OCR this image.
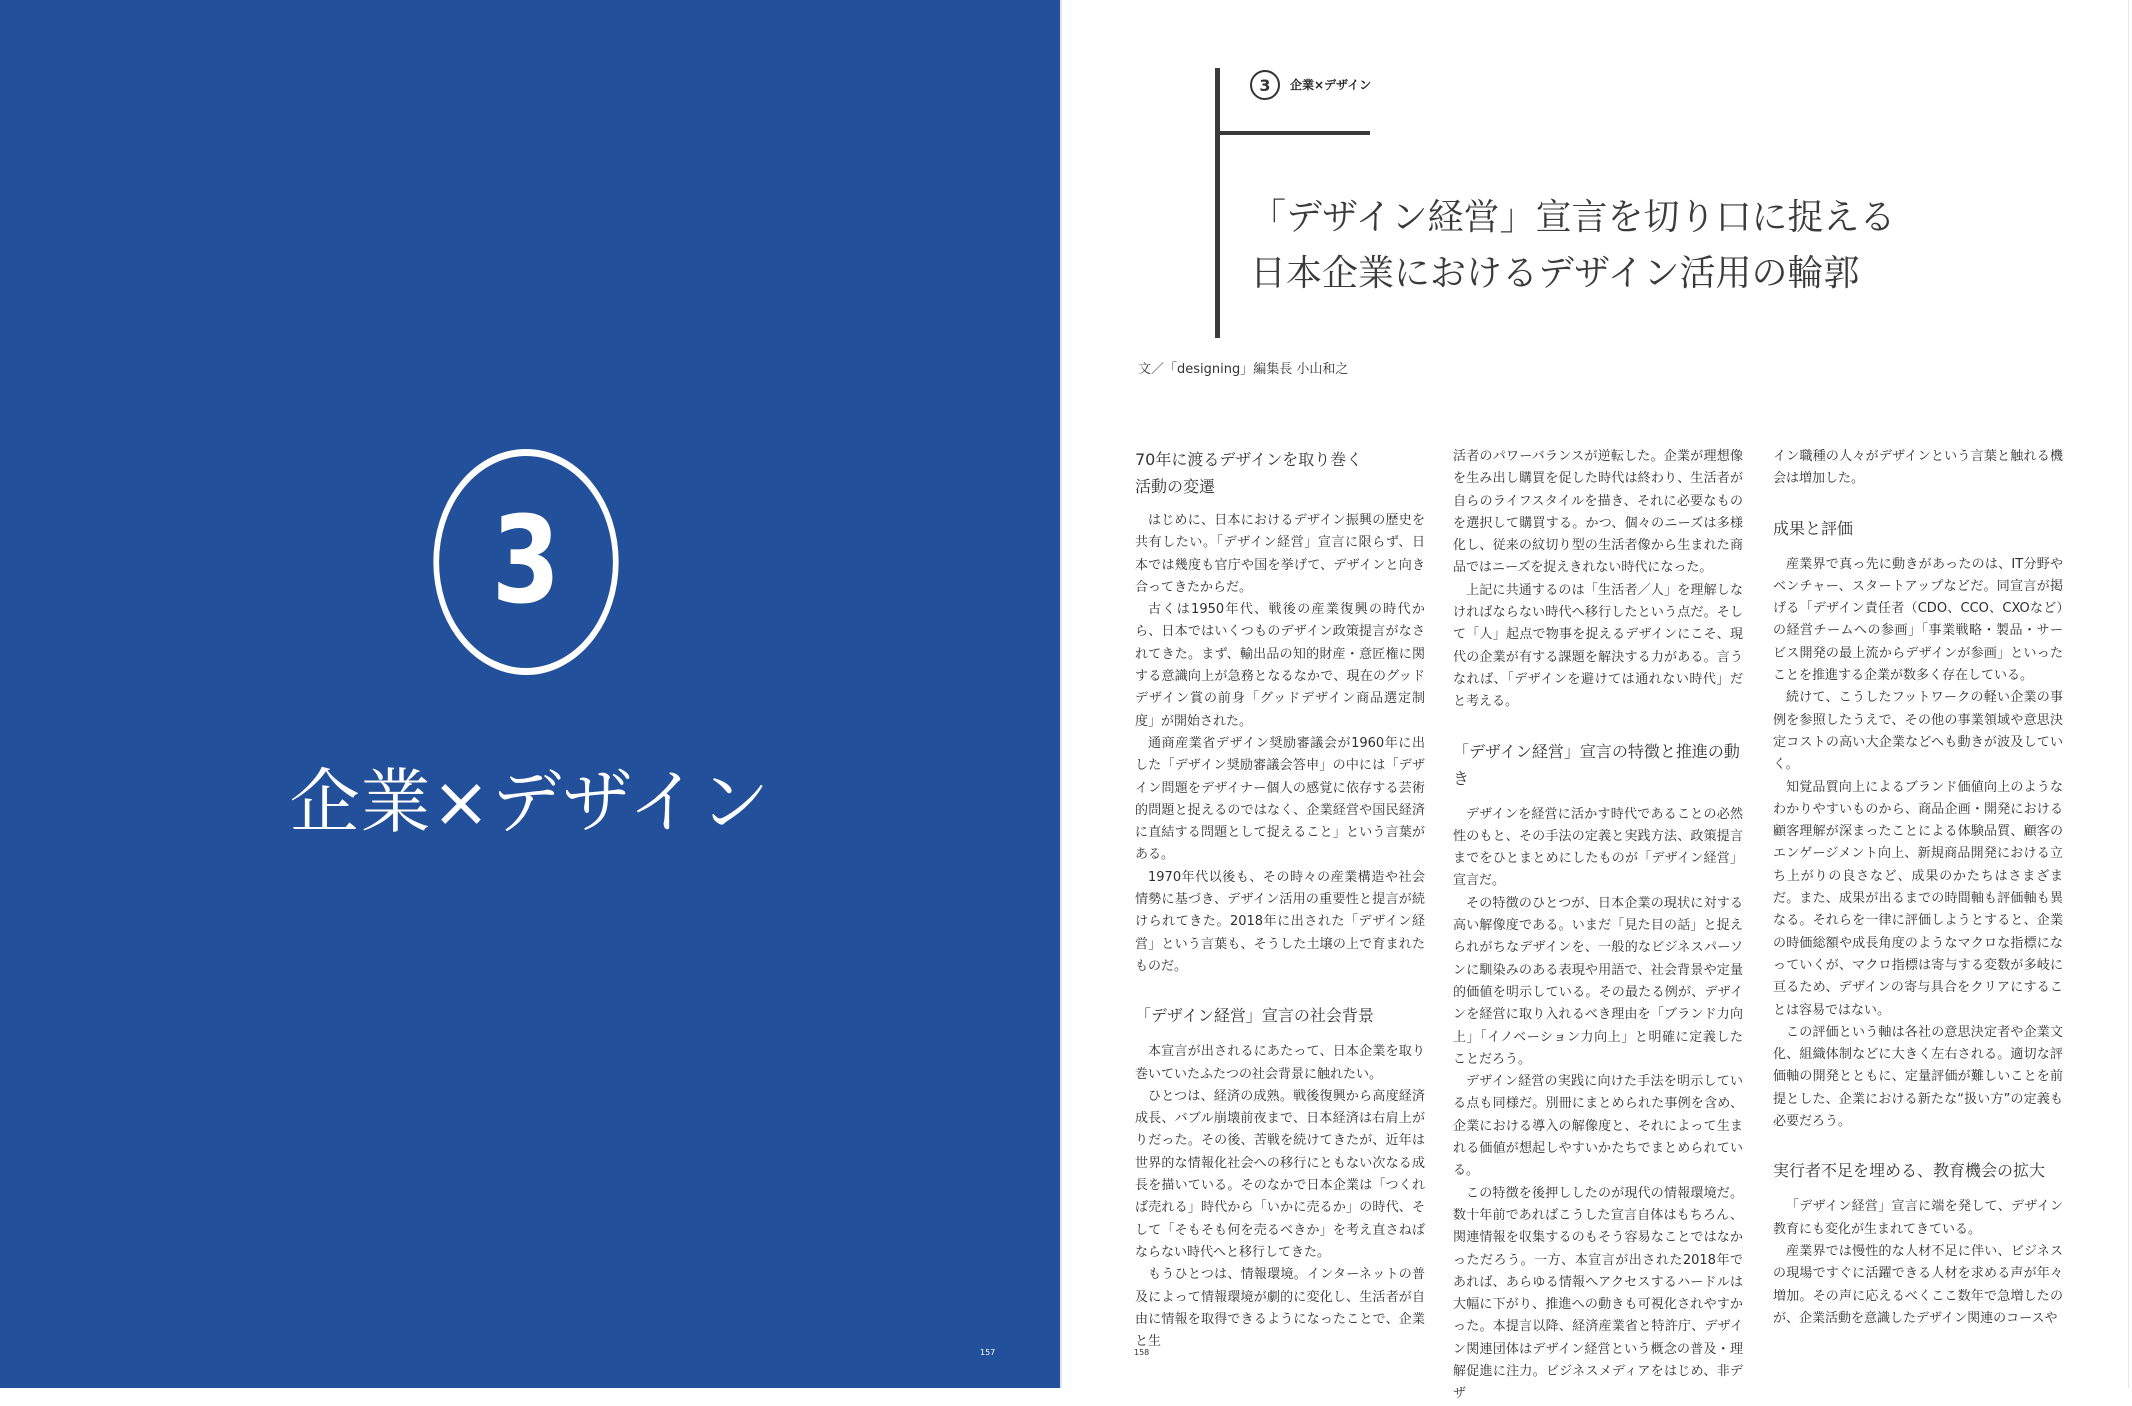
3
企業×デザイン
157
3 企業×デザイン
「デザイン経営」宣言を切り口に捉える
日本企業におけるデザイン活用の輪郭
文／「designing」編集長 小山和之
70年に渡るデザインを取り巻く
活動の変遷

はじめに、日本におけるデザイン振興の歴史を共有したい。「デザイン経営」宣言に限らず、日本では幾度も官庁や国を挙げて、デザインと向き合ってきたからだ。

古くは1950年代、戦後の産業復興の時代から、日本ではいくつものデザイン政策提言がなされてきた。まず、輸出品の知的財産・意匠権に関する意識向上が急務となるなかで、現在のグッドデザイン賞の前身「グッドデザイン商品選定制度」が開始された。

通商産業省デザイン奨励審議会が1960年に出した「デザイン奨励審議会答申」の中には「デザイン問題をデザイナー個人の感覚に依存する芸術的問題と捉えるのではなく、企業経営や国民経済に直結する問題として捉えること」という言葉がある。

1970年代以後も、その時々の産業構造や社会情勢に基づき、デザイン活用の重要性と提言が続けられてきた。2018年に出された「デザイン経営」という言葉も、そうした土壌の上で育まれたものだ。

「デザイン経営」宣言の社会背景

本宣言が出されるにあたって、日本企業を取り巻いていたふたつの社会背景に触れたい。

ひとつは、経済の成熟。戦後復興から高度経済成長、バブル崩壊前夜まで、日本経済は右肩上がりだった。その後、苦戦を続けてきたが、近年は世界的な情報化社会への移行にともない次なる成長を描いている。そのなかで日本企業は「つくれば売れる」時代から「いかに売るか」の時代、そして「そもそも何を売るべきか」を考え直さねばならない時代へと移行してきた。

もうひとつは、情報環境。インターネットの普及によって情報環境が劇的に変化し、生活者が自由に情報を取得できるようになったことで、企業と生

活者のパワーバランスが逆転した。企業が理想像を生み出し購買を促した時代は終わり、生活者が自らのライフスタイルを描き、それに必要なものを選択して購買する。かつ、個々のニーズは多様化し、従来の紋切り型の生活者像から生まれた商品ではニーズを捉えきれない時代になった。

上記に共通するのは「生活者／人」を理解しなければならない時代へ移行したという点だ。そして「人」起点で物事を捉えるデザインにこそ、現代の企業が有する課題を解決する力がある。言うなれば、「デザインを避けては通れない時代」だと考える。

「デザイン経営」宣言の特徴と推進の動き

デザインを経営に活かす時代であることの必然性のもと、その手法の定義と実践方法、政策提言までをひとまとめにしたものが「デザイン経営」宣言だ。

その特徴のひとつが、日本企業の現状に対する高い解像度である。いまだ「見た目の話」と捉えられがちなデザインを、一般的なビジネスパーソンに馴染みのある表現や用語で、社会背景や定量的価値を明示している。その最たる例が、デザインを経営に取り入れるべき理由を「ブランド力向上」「イノベーション力向上」と明確に定義したことだろう。

デザイン経営の実践に向けた手法を明示している点も同様だ。別冊にまとめられた事例を含め、企業における導入の解像度と、それによって生まれる価値が想起しやすいかたちでまとめられている。

この特徴を後押ししたのが現代の情報環境だ。数十年前であればこうした宣言自体はもちろん、関連情報を収集するのもそう容易なことではなかっただろう。一方、本宣言が出された2018年であれば、あらゆる情報へアクセスするハードルは大幅に下がり、推進への動きも可視化されやすかった。本提言以降、経済産業省と特許庁、デザイン関連団体はデザイン経営という概念の普及・理解促進に注力。ビジネスメディアをはじめ、非デザ

イン職種の人々がデザインという言葉と触れる機会は増加した。

成果と評価

産業界で真っ先に動きがあったのは、IT分野やベンチャー、スタートアップなどだ。同宣言が掲げる「デザイン責任者（CDO、CCO、CXOなど）の経営チームへの参画」「事業戦略・製品・サービス開発の最上流からデザインが参画」といったことを推進する企業が数多く存在している。

続けて、こうしたフットワークの軽い企業の事例を参照したうえで、その他の事業領域や意思決定コストの高い大企業などへも動きが波及していく。

知覚品質向上によるブランド価値向上のようなわかりやすいものから、商品企画・開発における顧客理解が深まったことによる体験品質、顧客のエンゲージメント向上、新規商品開発における立ち上がりの良さなど、成果のかたちはさまざまだ。また、成果が出るまでの時間軸も評価軸も異なる。それらを一律に評価しようとすると、企業の時価総額や成長角度のようなマクロな指標になっていくが、マクロ指標は寄与する変数が多岐に亘るため、デザインの寄与具合をクリアにすることは容易ではない。

この評価という軸は各社の意思決定者や企業文化、組織体制などに大きく左右される。適切な評価軸の開発とともに、定量評価が難しいことを前提とした、企業における新たな“扱い方”の定義も必要だろう。

実行者不足を埋める、教育機会の拡大

「デザイン経営」宣言に端を発して、デザイン教育にも変化が生まれてきている。

産業界では慢性的な人材不足に伴い、ビジネスの現場ですぐに活躍できる人材を求める声が年々増加。その声に応えるべくここ数年で急増したのが、企業活動を意識したデザイン関連のコースや

158
